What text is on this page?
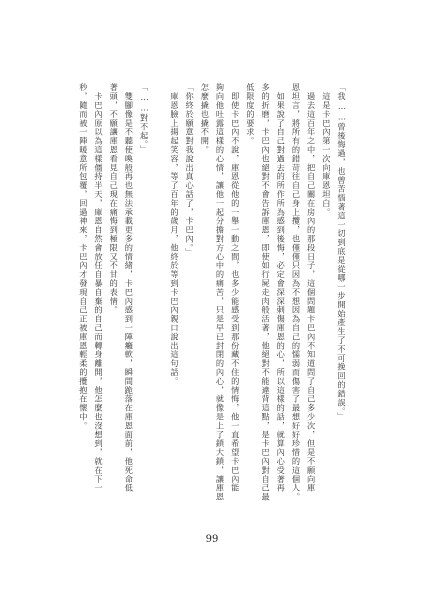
「我……曾後悔過，也曾苦惱著這一切到底是從哪一步開始產生了不可挽回的錯誤。」
　這是卡巴內第一次向庫恩坦白。
　過去這百年之中，把自己關在房內的那段日子，這個問題卡巴內不知道問了自己多少次，但是不願向庫
恩坦言，將所有的錯苛往自己身上攬，也僅僅只因為不想因為自己的懦弱而傷害了最想好好珍惜的這個人。
　如果說了自己對過去的所作所為感到後悔，必定會深深刺傷庫恩的心，所以這樣的話，就算內心受著再
多的折磨，卡巴內也絕對不會告訴庫恩，即使如行屍走肉般活著，他絕對不能違背這點，是卡巴內對自己最
低限度的要求。
　即使卡巴內不說，庫恩從他的一舉一動之間，也多少能感受到那份藏不住的情悔，他一直希望卡巴內能
夠向他吐露這樣的心情，讓他一起分擔對方心中的痛苦，只是早已封閉的內心，就像是上了鎖大鎖，讓庫恩
怎麼撬也撬不開。
「你終於願意對我說出真心話了，卡巴內。」
　庫恩臉上揚起笑容，等了百年的歲月，他終於等到卡巴內親口說出這句話。
「……對不起。」
　雙腳像是不聽使喚般再也無法承載更多的情緒，卡巴內感到一陣癱軟，瞬間跪落在庫恩面前，他死命低
著頭，不願讓庫恩看見自己現在痛悔到極限又不甘的表情。
　卡巴內原以為這樣僵持半天，庫恩自然會放任自暴自棄的自己而轉身離開，他怎麼也沒想到，就在下一
秒，隨而被一陣暖意所包覆，回過神來，卡巴內才發現自己正被庫恩輕柔的攬抱在懷中。
99
